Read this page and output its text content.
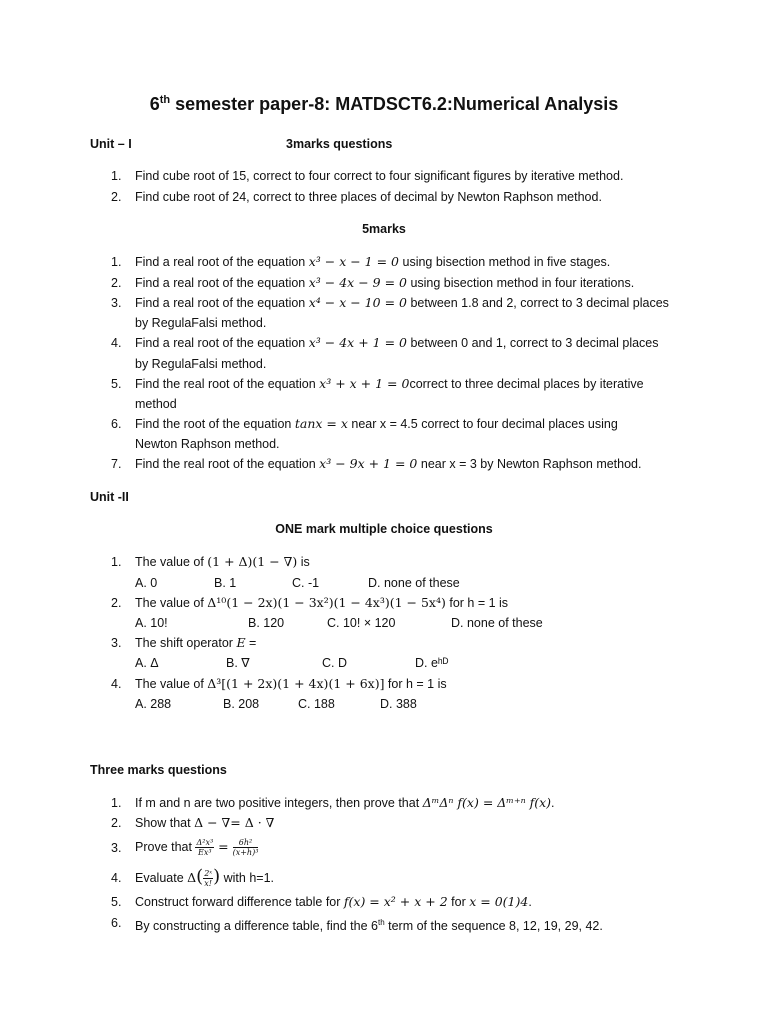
6th semester paper-8: MATDSCT6.2:Numerical Analysis
Unit – I	3marks questions
1. Find cube root of 15, correct to four correct to four significant figures by iterative method.
2. Find cube root of 24, correct to three places of decimal by Newton Raphson method.
5marks
1. Find a real root of the equation x³ − x − 1 = 0 using bisection method in five stages.
2. Find a real root of the equation x³ − 4x − 9 = 0 using bisection method in four iterations.
3. Find a real root of the equation x⁴ − x − 10 = 0 between 1.8 and 2, correct to 3 decimal places
by RegulaFalsi method.
4. Find a real root of the equation x³ − 4x + 1 = 0 between 0 and 1, correct to 3 decimal places
by RegulaFalsi method.
5. Find the real root of the equation x³ + x + 1 = 0correct to three decimal places by iterative
method
6. Find the root of the equation tanx = x near x = 4.5 correct to four decimal places using
Newton Raphson method.
7. Find the real root of the equation x³ − 9x + 1 = 0 near x = 3 by Newton Raphson method.
Unit -II
ONE mark multiple choice questions
1. The value of (1 + Δ)(1 − ∇) is
A. 0	B. 1	C. -1	D. none of these
2. The value of Δ¹⁰(1 − 2x)(1 − 3x²)(1 − 4x³)(1 − 5x⁴) for h = 1 is
A. 10!	B. 120	C. 10! × 120	D. none of these
3. The shift operator E =
A. Δ	B. ∇	C. D	D. eʰᴰ
4. The value of Δ³[(1 + 2x)(1 + 4x)(1 + 6x)] for h = 1 is
A. 288	B. 208	C. 188	D. 388
Three marks questions
1. If m and n are two positive integers, then prove that ΔᵐΔⁿ f(x) = Δᵐ⁺ⁿ f(x).
2. Show that Δ − ∇= Δ · ∇
3. Prove that $\frac{\text{Δ²x³}}{\text{Ex³}} = \frac{\text{6h²}}{\text{(x+h)³}}$
4. Evaluate $\Delta( \frac{\text{2ˣ}}{x!}$ ) with h=1.
5. Construct forward difference table for f(x) = x² + x + 2 for x = 0(1)4.
6. By constructing a difference table, find the 6th term of the sequence 8, 12, 19, 29, 42.
